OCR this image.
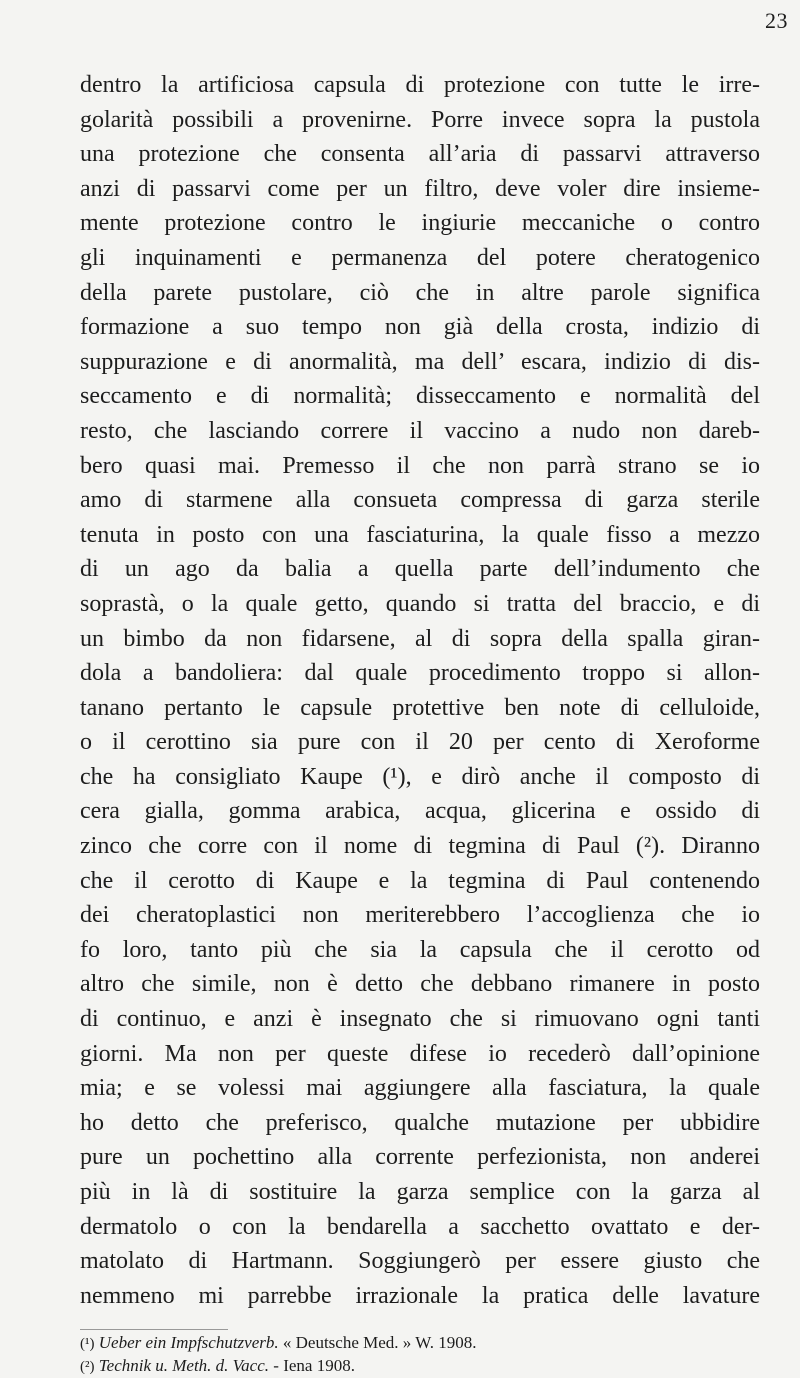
23
dentro la artificiosa capsula di protezione con tutte le irre-
golarità possibili a provenirne. Porre invece sopra la pustola
una protezione che consenta all’aria di passarvi attraverso
anzi di passarvi come per un filtro, deve voler dire insieme-
mente protezione contro le ingiurie meccaniche o contro
gli inquinamenti e permanenza del potere cheratogenico
della parete pustolare, ciò che in altre parole significa
formazione a suo tempo non già della crosta, indizio di
suppurazione e di anormalità, ma dell’ escara, indizio di dis-
seccamento e di normalità; disseccamento e normalità del
resto, che lasciando correre il vaccino a nudo non dareb-
bero quasi mai. Premesso il che non parrà strano se io
amo di starmene alla consueta compressa di garza sterile
tenuta in posto con una fasciaturina, la quale fisso a mezzo
di un ago da balia a quella parte dell’indumento che
soprastà, o la quale getto, quando si tratta del braccio, e di
un bimbo da non fidarsene, al di sopra della spalla giran-
dola a bandoliera: dal quale procedimento troppo si allon-
tanano pertanto le capsule protettive ben note di celluloide,
o il cerottino sia pure con il 20 per cento di Xeroforme
che ha consigliato Kaupe (¹), e dirò anche il composto di
cera gialla, gomma arabica, acqua, glicerina e ossido di
zinco che corre con il nome di tegmina di Paul (²). Diranno
che il cerotto di Kaupe e la tegmina di Paul contenendo
dei cheratoplastici non meriterebbero l’accoglienza che io
fo loro, tanto più che sia la capsula che il cerotto od
altro che simile, non è detto che debbano rimanere in posto
di continuo, e anzi è insegnato che si rimuovano ogni tanti
giorni. Ma non per queste difese io recederò dall’opinione
mia; e se volessi mai aggiungere alla fasciatura, la quale
ho detto che preferisco, qualche mutazione per ubbidire
pure un pochettino alla corrente perfezionista, non anderei
più in là di sostituire la garza semplice con la garza al
dermatolo o con la bendarella a sacchetto ovattato e der-
matolato di Hartmann. Soggiungerò per essere giusto che
nemmeno mi parrebbe irrazionale la pratica delle lavature
(¹) Ueber ein Impfschutzverb. « Deutsche Med. » W. 1908.
(²) Technik u. Meth. d. Vacc. - Iena 1908.
